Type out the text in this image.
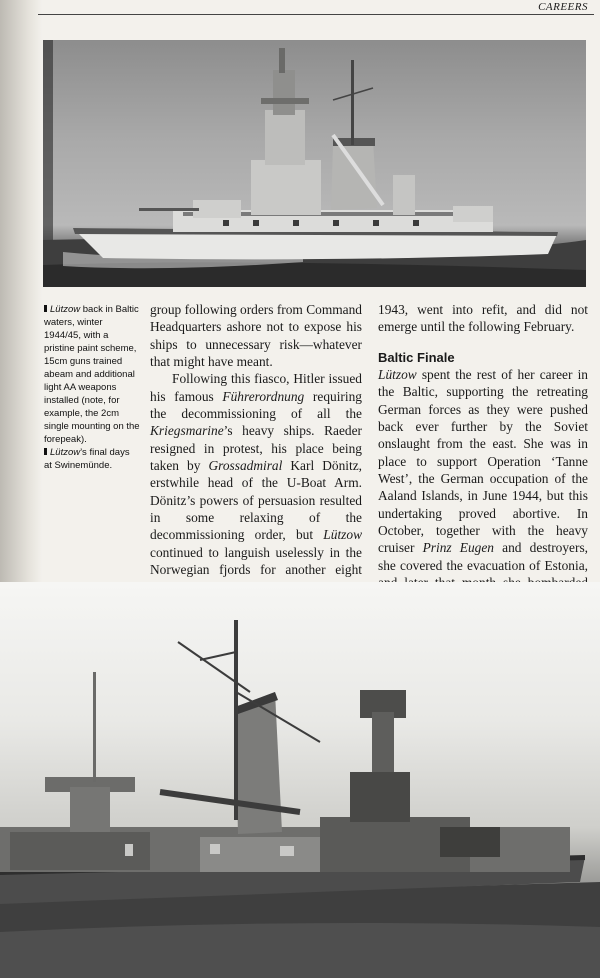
CAREERS

Lützow back in Baltic waters, winter 1944/45, with a pristine paint scheme, 15cm guns trained abeam and additional light AA weapons installed (note, for example, the 2cm single mounting on the forepeak).

Lützow’s final days at Swinemünde.

group following orders from Command Headquarters ashore not to expose his ships to unnecessary risk—whatever that might have meant.

Following this fiasco, Hitler issued his famous Führerordnung requiring the decommissioning of all the Kriegsmarine’s heavy ships. Raeder resigned in protest, his place being taken by Grossadmiral Karl Dönitz, erstwhile head of the U-Boat Arm. Dönitz’s powers of persuasion resulted in some relaxing of the decommissioning order, but Lützow continued to languish uselessly in the Norwegian fjords for another eight

1943, went into refit, and did not emerge until the following February.

Baltic Finale

Lützow spent the rest of her career in the Baltic, supporting the retreating German forces as they were pushed back ever further by the Soviet onslaught from the east. She was in place to support Operation ‘Tanne West’, the German occupation of the Aaland Islands, in June 1944, but this undertaking proved abortive. In October, together with the heavy cruiser Prinz Eugen and destroyers, she covered the evacuation of Estonia,
